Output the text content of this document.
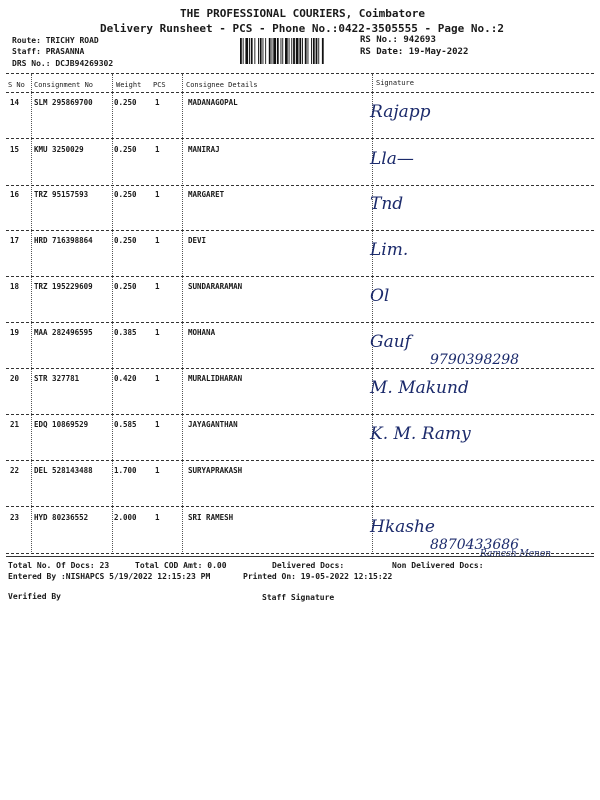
THE PROFESSIONAL COURIERS, Coimbatore
Delivery Runsheet - PCS - Phone No.:0422-3505555 - Page No.:2
Route: TRICHY ROAD
Staff: PRASANNA
DRS No.: DCJB94269302
RS No.: 942693
RS Date: 19-May-2022
S No Consignment No	Weight PCS	Consignee Details	Signature
14 SLM 295869700	0.250 1	MADANAGOPAL	Rajapp
15 KMU 3250029	0.250 1	MANIRAJ	Lla—
16 TRZ 95157593	0.250 1	MARGARET	Tnd
17 HRD 716398864	0.250 1	DEVI	Lim.
18 TRZ 195229609	0.250 1	SUNDARARAMAN	Ol
19 MAA 282496595	0.385 1	MOHANA	Gauf
9790398298
20 STR 327781	0.420 1	MURALIDHARAN	M. Makund
21 EDQ 10869529	0.585 1	JAYAGANTHAN	K. M. Ramy
22 DEL 528143488	1.700 1	SURYAPRAKASH
23 HYD 80236552	2.000 1	SRI RAMESH	Hkashe
8870433686
Ramesh Menon
Total No. Of Docs: 23	Total COD Amt: 0.00	Delivered Docs:	Non Delivered Docs:
Entered By :NISHAPCS 5/19/2022 12:15:23 PM	Printed On: 19-05-2022 12:15:22
Verified By	Staff Signature
